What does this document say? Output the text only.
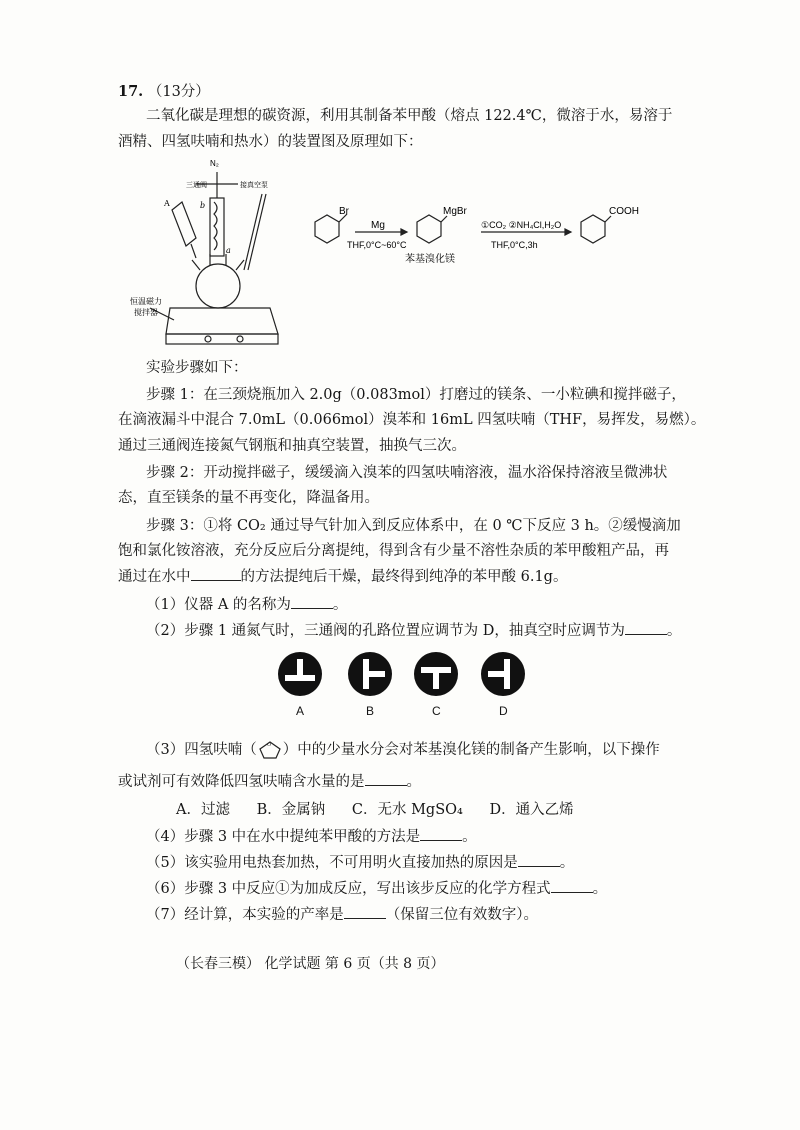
17. （13分）
二氧化碳是理想的碳资源，利用其制备苯甲酸（熔点 122.4℃，微溶于水，易溶于
酒精、四氢呋喃和热水）的装置图及原理如下：
N₂
三通阀	接真空泵
b
a
A
恒温磁力
搅拌器
Br
Mg
THF,0°C~60°C
MgBr
苯基溴化镁
①CO₂ ②NH₄Cl,H₂O
THF,0°C,3h
COOH
实验步骤如下：
步骤 1：在三颈烧瓶加入 2.0g（0.083mol）打磨过的镁条、一小粒碘和搅拌磁子，
在滴液漏斗中混合 7.0mL（0.066mol）溴苯和 16mL 四氢呋喃（THF，易挥发，易燃）。
通过三通阀连接氮气钢瓶和抽真空装置，抽换气三次。
步骤 2：开动搅拌磁子，缓缓滴入溴苯的四氢呋喃溶液，温水浴保持溶液呈微沸状
态，直至镁条的量不再变化，降温备用。
步骤 3：①将 CO₂ 通过导气针加入到反应体系中，在 0 ℃下反应 3 h。②缓慢滴加
饱和氯化铵溶液，充分反应后分离提纯，得到含有少量不溶性杂质的苯甲酸粗产品，再
通过在水中	的方法提纯后干燥，最终得到纯净的苯甲酸 6.1g。
（1）仪器 A 的名称为	。
（2）步骤 1 通氮气时，三通阀的孔路位置应调节为 D，抽真空时应调节为	。
A	B	C	D
（3）四氢呋喃（ O ）中的少量水分会对苯基溴化镁的制备产生影响，以下操作
或试剂可有效降低四氢呋喃含水量的是	。
A．过滤 B．金属钠 C．无水 MgSO₄ D．通入乙烯
（4）步骤 3 中在水中提纯苯甲酸的方法是	。
（5）该实验用电热套加热，不可用明火直接加热的原因是	。
（6）步骤 3 中反应①为加成反应，写出该步反应的化学方程式	。
（7）经计算，本实验的产率是	（保留三位有效数字）。
（长春三模） 化学试题 第 6 页（共 8 页）
